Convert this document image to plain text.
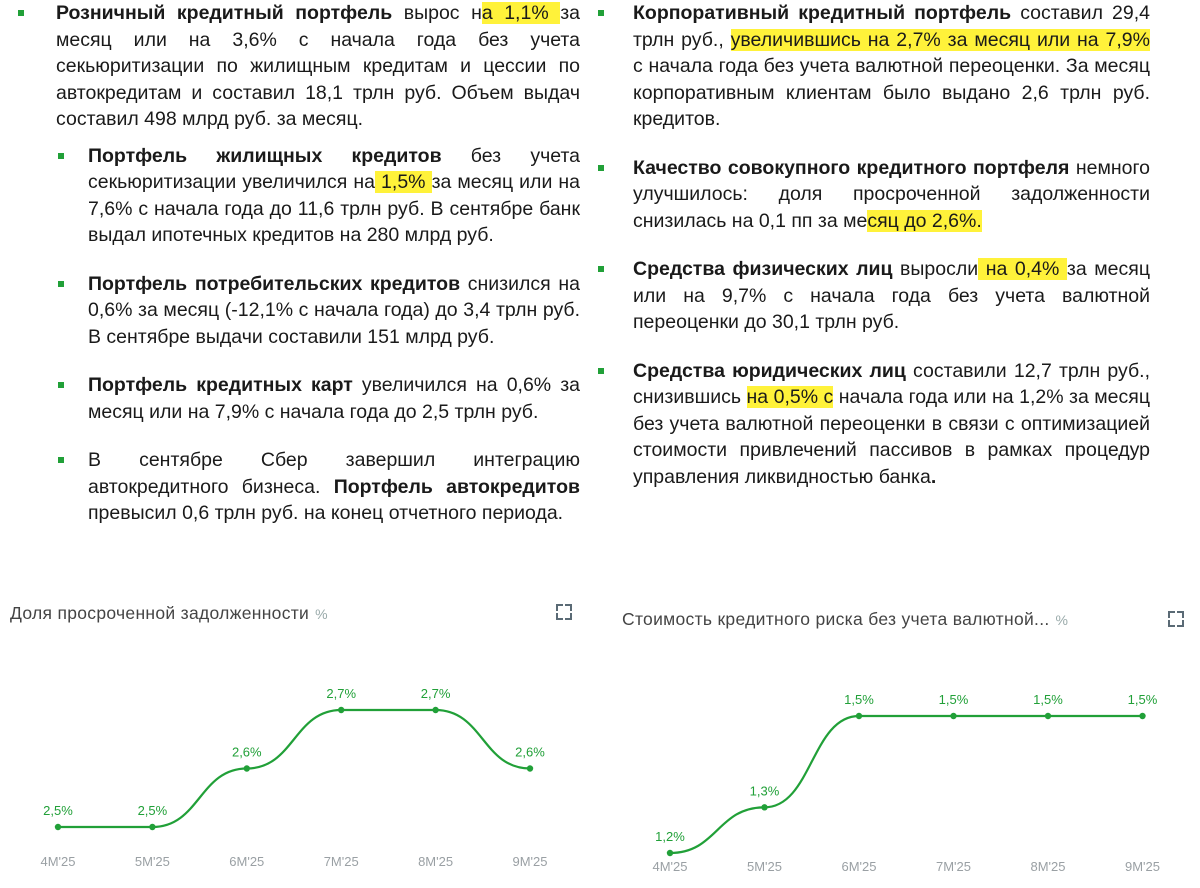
Розничный кредитный портфель вырос на 1,1% за месяц или на 3,6% с начала года без учета секьюритизации по жилищным кредитам и цессии по автокредитам и составил 18,1 трлн руб. Объем выдач составил 498 млрд руб. за месяц.
Портфель жилищных кредитов без учета секьюритизации увеличился на 1,5% за месяц или на 7,6% с начала года до 11,6 трлн руб. В сентябре банк выдал ипотечных кредитов на 280 млрд руб.
Портфель потребительских кредитов снизился на 0,6% за месяц (-12,1% с начала года) до 3,4 трлн руб. В сентябре выдачи составили 151 млрд руб.
Портфель кредитных карт увеличился на 0,6% за месяц или на 7,9% с начала года до 2,5 трлн руб.
В сентябре Сбер завершил интеграцию автокредитного бизнеса. Портфель автокредитов превысил 0,6 трлн руб. на конец отчетного периода.
Корпоративный кредитный портфель составил 29,4 трлн руб., увеличившись на 2,7% за месяц или на 7,9% с начала года без учета валютной переоценки. За месяц корпоративным клиентам было выдано 2,6 трлн руб. кредитов.
Качество совокупного кредитного портфеля немного улучшилось: доля просроченной задолженности снизилась на 0,1 пп за месяц до 2,6%.
Средства физических лиц выросли на 0,4% за месяц или на 9,7% с начала года без учета валютной переоценки до 30,1 трлн руб.
Средства юридических лиц составили 12,7 трлн руб., снизившись на 0,5% с начала года или на 1,2% за месяц без учета валютной переоценки в связи с оптимизацией стоимости привлечений пассивов в рамках процедур управления ликвидностью банка.
Доля просроченной задолженности %	Стоимость кредитного риска без учета валютной... %
2,5%
4M'25
2,5%
5M'25
2,6%
6M'25
2,7%
7M'25
2,7%
8M'25
2,6%
9M'25
1,2%
4M'25
1,3%
5M'25
1,5%
6M'25
1,5%
7M'25
1,5%
8M'25
1,5%
9M'25
